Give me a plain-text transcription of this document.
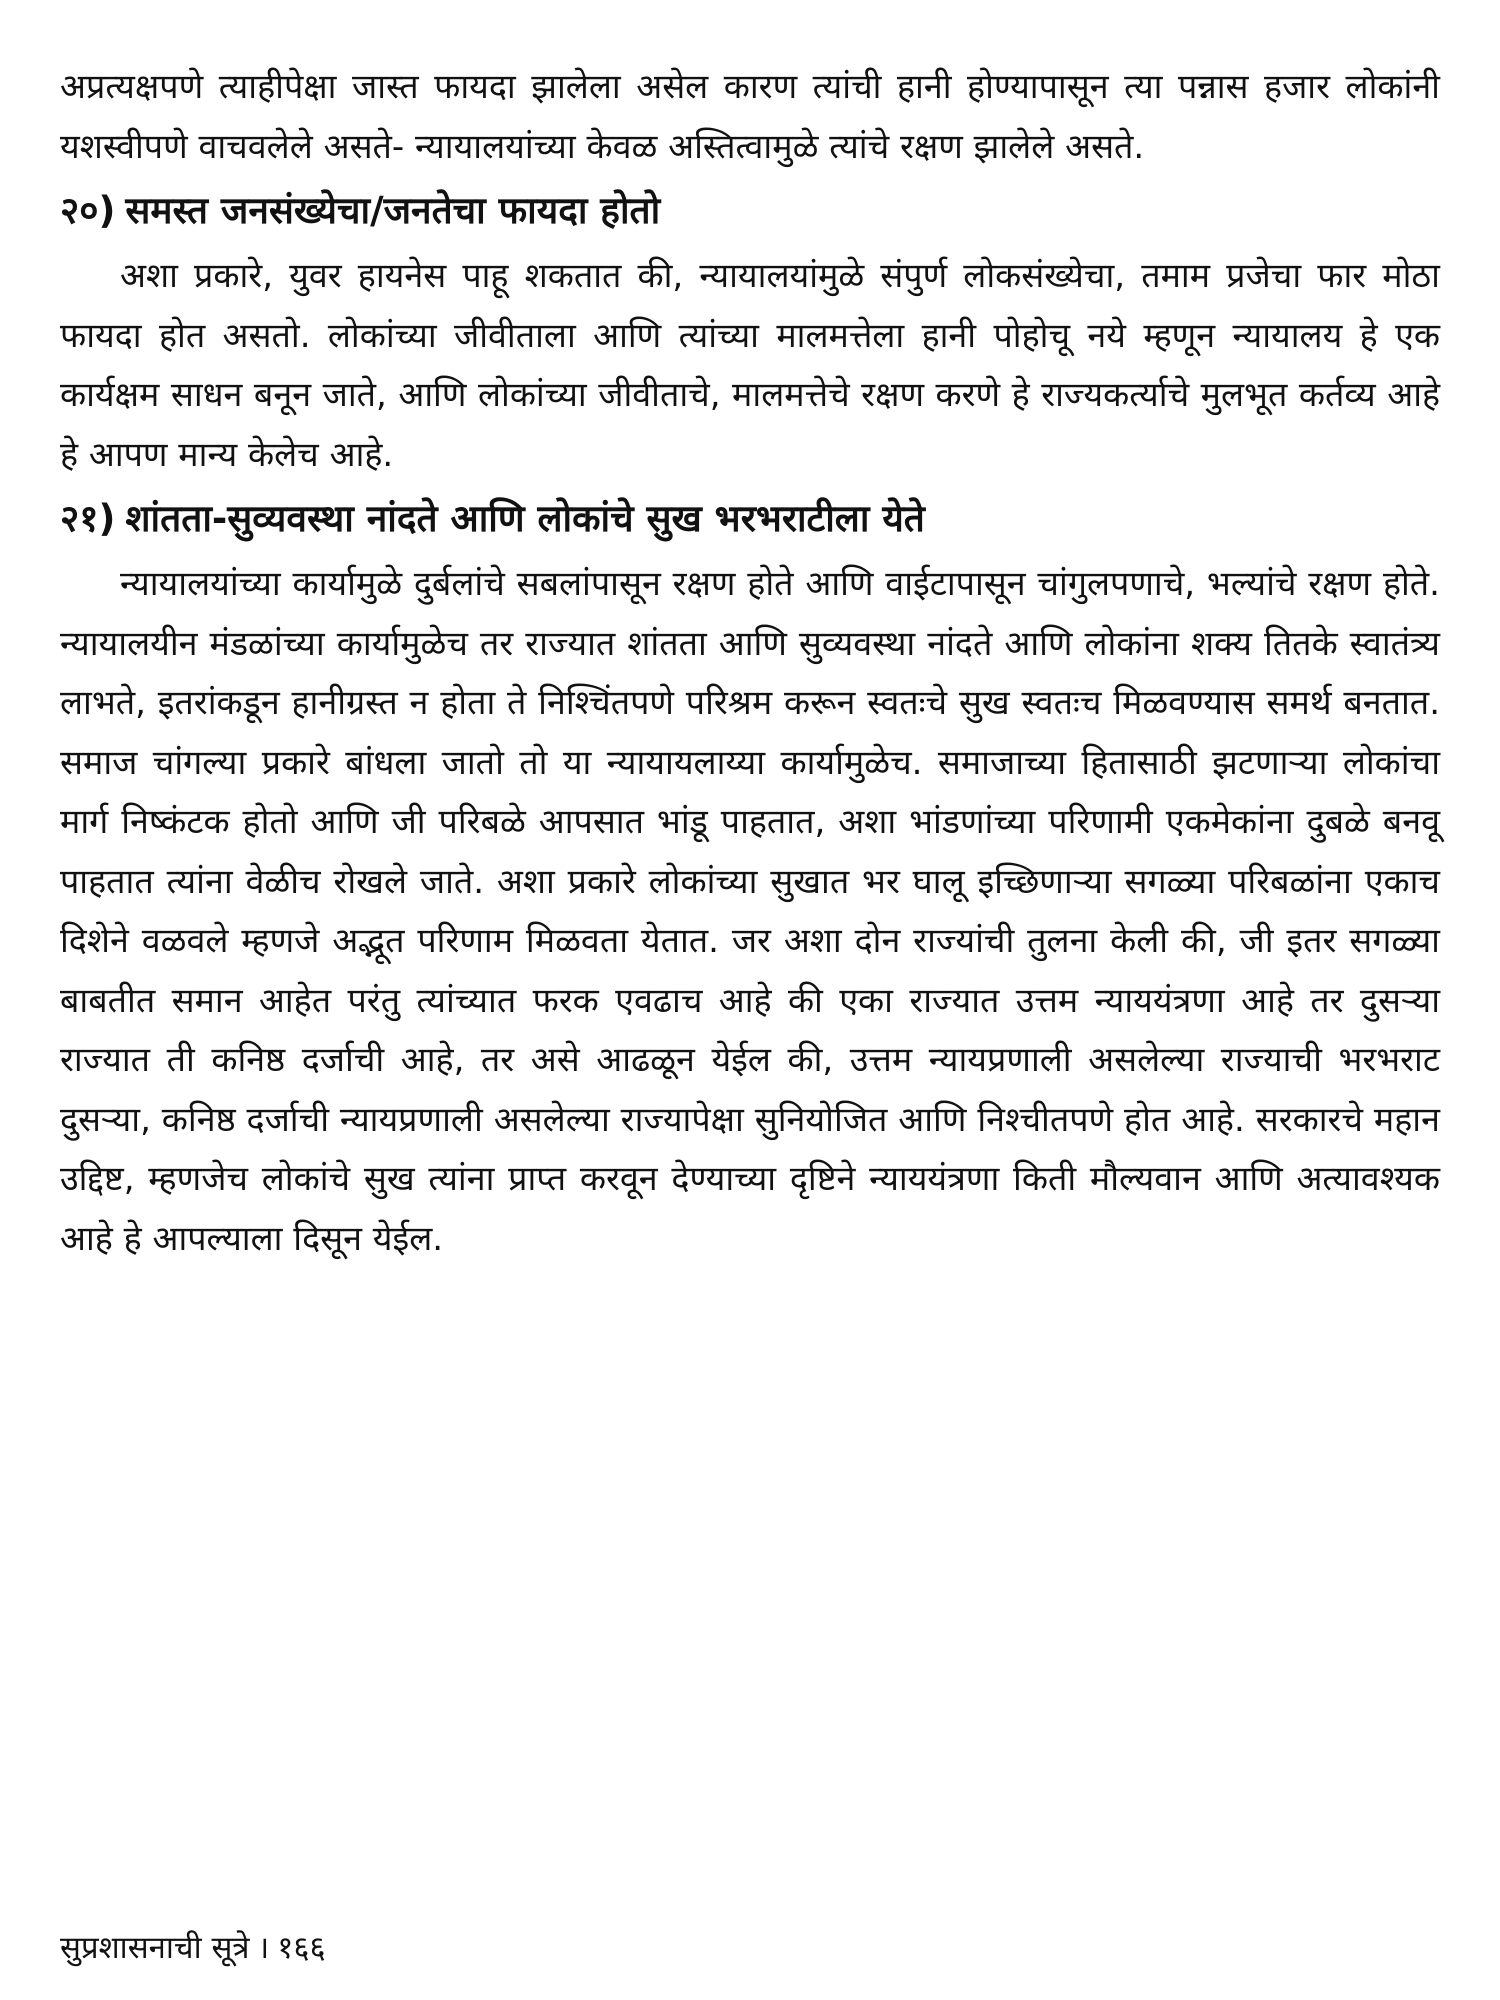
अप्रत्यक्षपणे त्याहीपेक्षा जास्त फायदा झालेला असेल कारण त्यांची हानी होण्यापासून त्या पन्नास हजार लोकांनी यशस्वीपणे वाचवलेले असते- न्यायालयांच्या केवळ अस्तित्वामुळे त्यांचे रक्षण झालेले असते.

२०) समस्त जनसंख्येचा/जनतेचा फायदा होतो

अशा प्रकारे, युवर हायनेस पाहू शकतात की, न्यायालयांमुळे संपुर्ण लोकसंख्येचा, तमाम प्रजेचा फार मोठा फायदा होत असतो. लोकांच्या जीवीताला आणि त्यांच्या मालमत्तेला हानी पोहोचू नये म्हणून न्यायालय हे एक कार्यक्षम साधन बनून जाते, आणि लोकांच्या जीवीताचे, मालमत्तेचे रक्षण करणे हे राज्यकर्त्याचे मुलभूत कर्तव्य आहे हे आपण मान्य केलेच आहे.

२१) शांतता-सुव्यवस्था नांदते आणि लोकांचे सुख भरभराटीला येते

न्यायालयांच्या कार्यामुळे दुर्बलांचे सबलांपासून रक्षण होते आणि वाईटापासून चांगुलपणाचे, भल्यांचे रक्षण होते. न्यायालयीन मंडळांच्या कार्यामुळेच तर राज्यात शांतता आणि सुव्यवस्था नांदते आणि लोकांना शक्य तितके स्वातंत्र्य लाभते, इतरांकडून हानीग्रस्त न होता ते निश्चिंतपणे परिश्रम करून स्वतःचे सुख स्वतःच मिळवण्यास समर्थ बनतात. समाज चांगल्या प्रकारे बांधला जातो तो या न्यायायलाय्या कार्यामुळेच. समाजाच्या हितासाठी झटणाऱ्या लोकांचा मार्ग निष्कंटक होतो आणि जी परिबळे आपसात भांडू पाहतात, अशा भांडणांच्या परिणामी एकमेकांना दुबळे बनवू पाहतात त्यांना वेळीच रोखले जाते. अशा प्रकारे लोकांच्या सुखात भर घालू इच्छिणाऱ्या सगळ्या परिबळांना एकाच दिशेने वळवले म्हणजे अद्भूत परिणाम मिळवता येतात. जर अशा दोन राज्यांची तुलना केली की, जी इतर सगळ्या बाबतीत समान आहेत परंतु त्यांच्यात फरक एवढाच आहे की एका राज्यात उत्तम न्याययंत्रणा आहे तर दुसऱ्या राज्यात ती कनिष्ठ दर्जाची आहे, तर असे आढळून येईल की, उत्तम न्यायप्रणाली असलेल्या राज्याची भरभराट दुसऱ्या, कनिष्ठ दर्जाची न्यायप्रणाली असलेल्या राज्यापेक्षा सुनियोजित आणि निश्चीतपणे होत आहे. सरकारचे महान उद्दिष्ट, म्हणजेच लोकांचे सुख त्यांना प्राप्त करवून देण्याच्या दृष्टिने न्याययंत्रणा किती मौल्यवान आणि अत्यावश्यक आहे हे आपल्याला दिसून येईल.

सुप्रशासनाची सूत्रे । १६६
